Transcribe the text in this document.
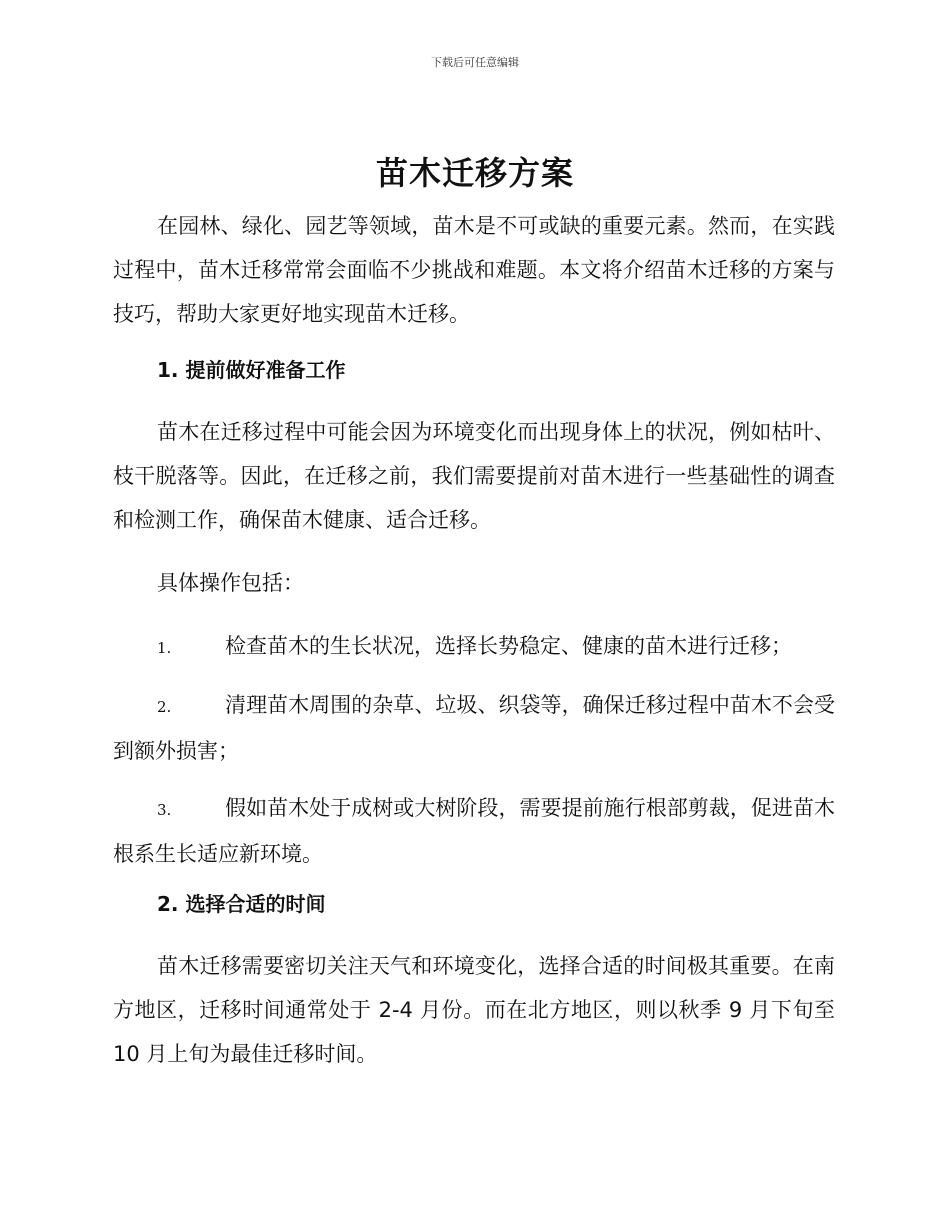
下载后可任意编辑
苗木迁移方案

在园林、绿化、园艺等领域，苗木是不可或缺的重要元素。然而，在实践过程中，苗木迁移常常会面临不少挑战和难题。本文将介绍苗木迁移的方案与技巧，帮助大家更好地实现苗木迁移。

1. 提前做好准备工作

苗木在迁移过程中可能会因为环境变化而出现身体上的状况，例如枯叶、枝干脱落等。因此，在迁移之前，我们需要提前对苗木进行一些基础性的调查和检测工作，确保苗木健康、适合迁移。

具体操作包括：

1.	检查苗木的生长状况，选择长势稳定、健康的苗木进行迁移；

2.	清理苗木周围的杂草、垃圾、织袋等，确保迁移过程中苗木不会受到额外损害；

3.	假如苗木处于成树或大树阶段，需要提前施行根部剪裁，促进苗木根系生长适应新环境。

2. 选择合适的时间

苗木迁移需要密切关注天气和环境变化，选择合适的时间极其重要。在南方地区，迁移时间通常处于 2-4 月份。而在北方地区，则以秋季 9 月下旬至 10 月上旬为最佳迁移时间。
